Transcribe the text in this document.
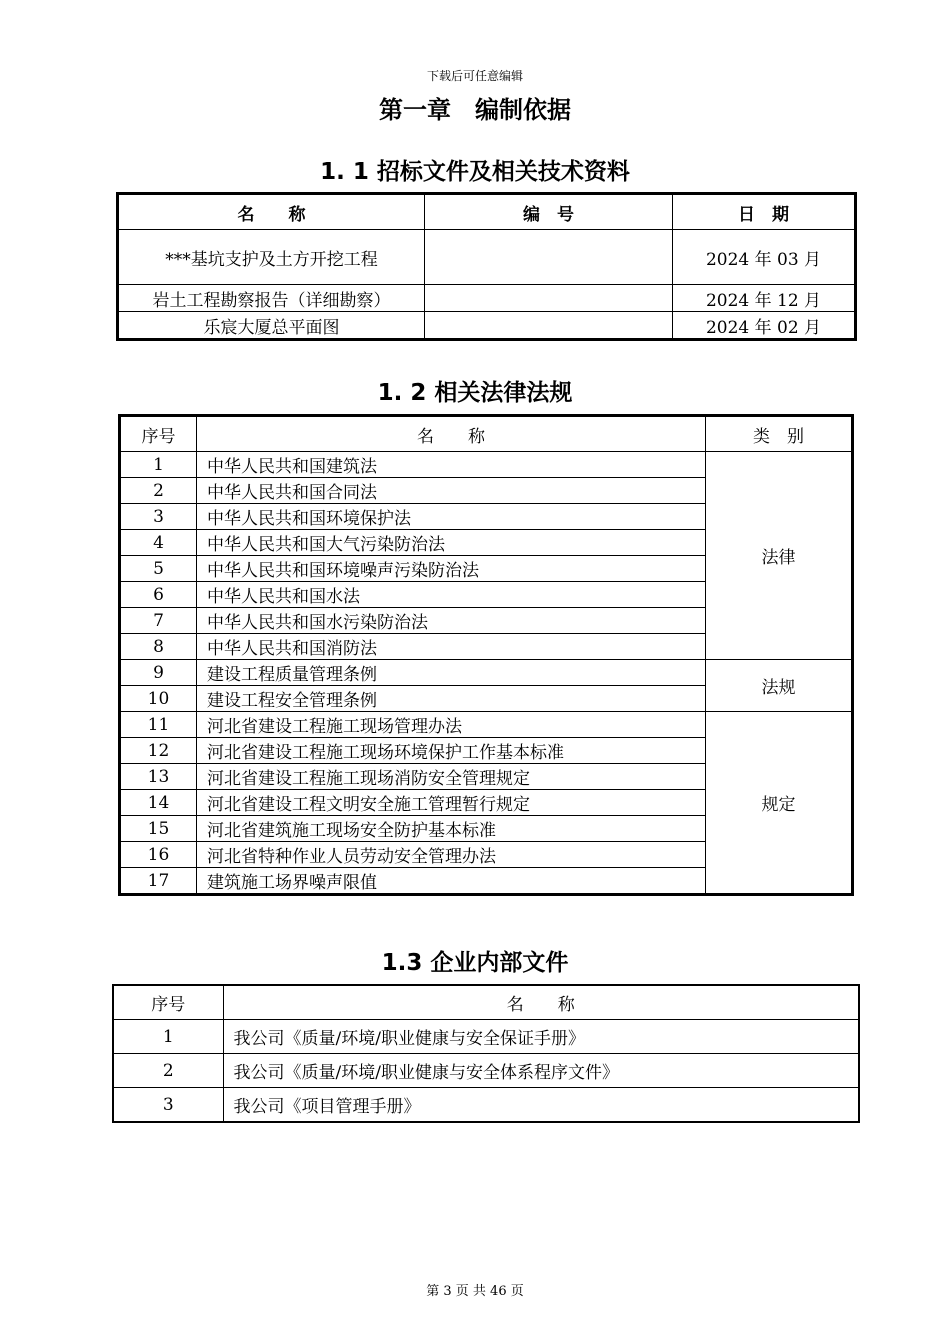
下载后可任意编辑
第一章　编制依据
1. 1 招标文件及相关技术资料
名　　称	编　号	日　期
***基坑支护及土方开挖工程		2024 年 03 月
岩土工程勘察报告（详细勘察）		2024 年 12 月
乐宸大厦总平面图		2024 年 02 月
1. 2 相关法律法规
序号	名　　称	类　别
1	中华人民共和国建筑法	法律
2	中华人民共和国合同法	
3	中华人民共和国环境保护法	
4	中华人民共和国大气污染防治法	
5	中华人民共和国环境噪声污染防治法	
6	中华人民共和国水法	
7	中华人民共和国水污染防治法	
8	中华人民共和国消防法	
9	建设工程质量管理条例	法规
10	建设工程安全管理条例	
11	河北省建设工程施工现场管理办法	规定
12	河北省建设工程施工现场环境保护工作基本标准	
13	河北省建设工程施工现场消防安全管理规定	
14	河北省建设工程文明安全施工管理暂行规定	
15	河北省建筑施工现场安全防护基本标准	
16	河北省特种作业人员劳动安全管理办法	
17	建筑施工场界噪声限值	
1.3 企业内部文件
序号	名　　称
1	我公司《质量/环境/职业健康与安全保证手册》
2	我公司《质量/环境/职业健康与安全体系程序文件》
3	我公司《项目管理手册》
第 3 页 共 46 页
